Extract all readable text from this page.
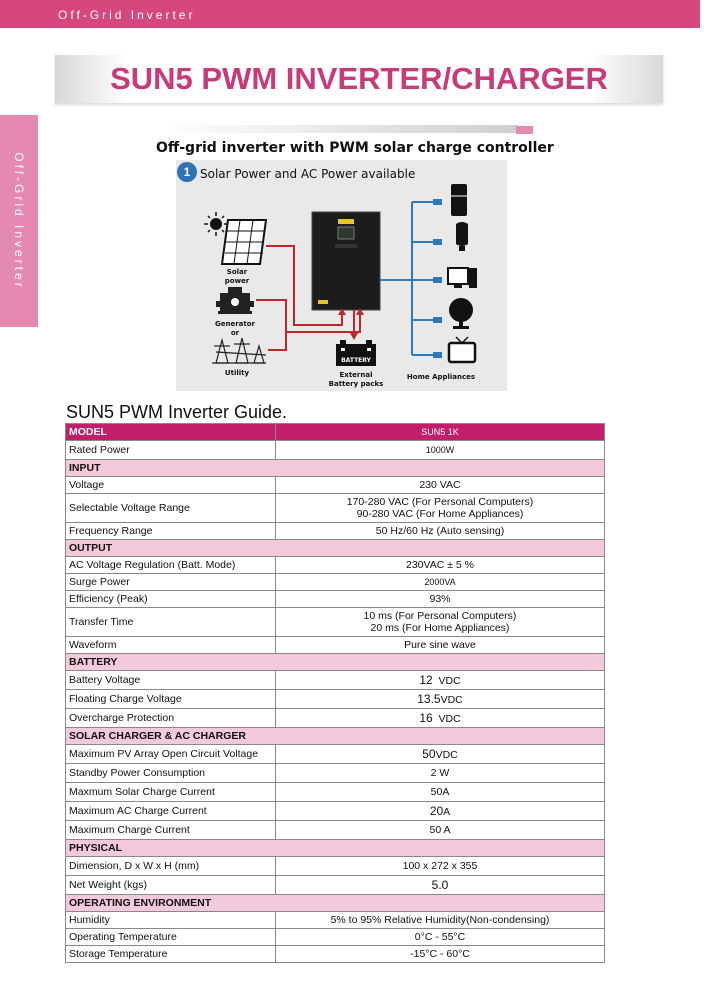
Off-Grid Inverter
Off-Grid Inverter
SUN5 PWM INVERTER/CHARGER
Off-grid inverter with PWM solar charge controller
1 Solar Power and AC Power available
Solar power
Generator
or
Utility
BATTERY
External
Battery packs
Home Appliances
SUN5 PWM Inverter Guide.
MODEL	SUN5 1K
Rated Power	1000W
INPUT	
Voltage	230 VAC
Selectable Voltage Range	170-280 VAC (For Personal Computers)
90-280 VAC (For Home Appliances)

Frequency Range	50 Hz/60 Hz (Auto sensing)
OUTPUT	
AC Voltage Regulation (Batt. Mode)	230VAC ± 5 %
Surge Power	2000VA
Efficiency (Peak)	93%
Transfer Time	10 ms (For Personal Computers)
20 ms (For Home Appliances)

Waveform	Pure sine wave
BATTERY	
Battery Voltage	12 VDC
Floating Charge Voltage	13.5VDC
Overcharge Protection	16 VDC
SOLAR CHARGER & AC CHARGER	
Maximum PV Array Open Circuit Voltage	50VDC
Standby Power Consumption	2 W
Maxmum Solar Charge Current	50A
Maximum AC Charge Current	20A
Maximum Charge Current	50 A
PHYSICAL	
Dimension, D x W x H (mm)	100 x 272 x 355
Net Weight (kgs)	5.0
OPERATING ENVIRONMENT	
Humidity	5% to 95% Relative Humidity(Non-condensing)
Operating Temperature	0°C - 55°C
Storage Temperature	-15°C - 60°C
